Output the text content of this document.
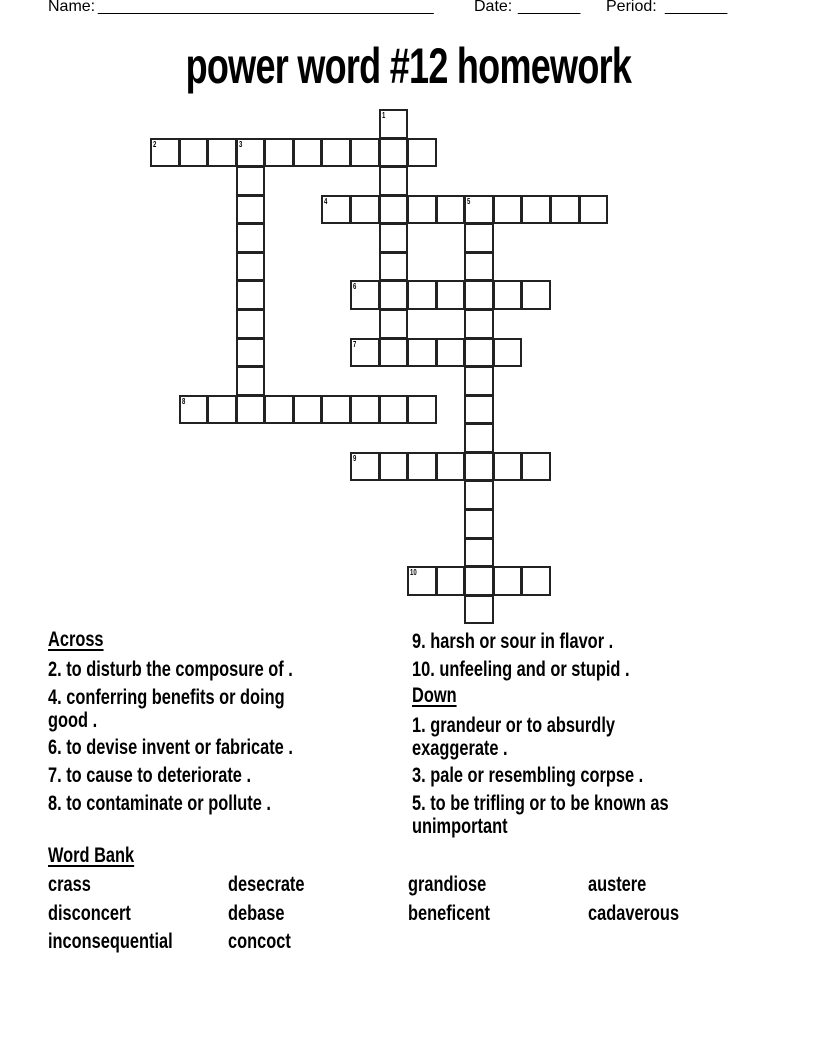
Name:

_______________________________________

	Date:

_______

Period:

_______

power word #12 homework
1
2	3
4	5
6
7
8
9
10
Across
2. to disturb the composure of .
4. conferring benefits or doing
good .
6. to devise invent or fabricate .
7. to cause to deteriorate .
8. to contaminate or pollute .
9. harsh or sour in flavor .
10. unfeeling and or stupid .
Down
1. grandeur or to absurdly
exaggerate .
3. pale or resembling corpse .
5. to be trifling or to be known as
unimportant
Word Bank
crass	desecrate	grandiose	austere
disconcert	debase	beneficent	cadaverous
inconsequential	concoct
